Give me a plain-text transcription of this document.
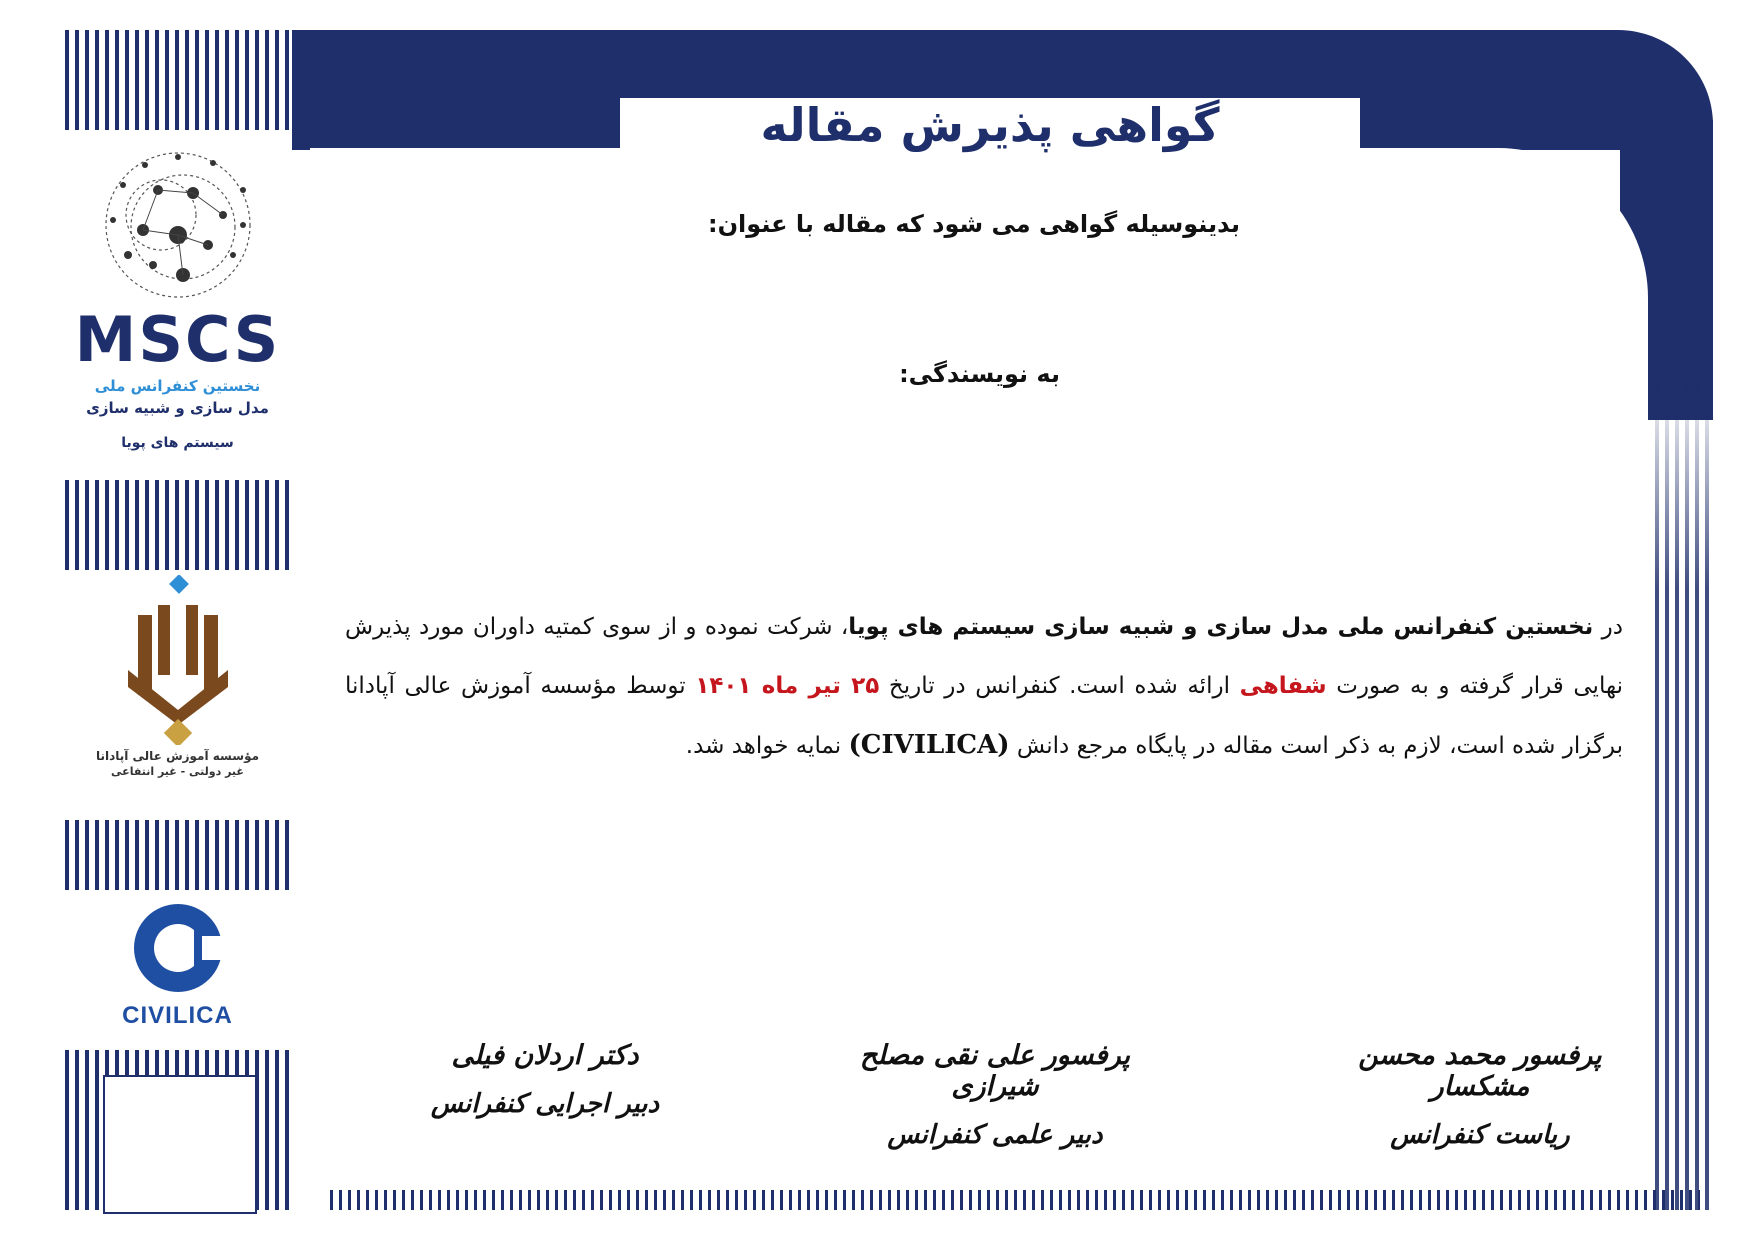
گواهی پذیرش مقاله
MSCS
نخستین کنفرانس ملی
مدل سازی و شبیه سازی
سیستم های پویا
مؤسسه آموزش عالی آپادانا
غیر دولتی - غیر انتفاعی
CIVILICA
بدینوسیله گواهی می شود که مقاله با عنوان:
به نویسندگی:
در نخستین کنفرانس ملی مدل سازی و شبیه سازی سیستم های پویا، شرکت نموده و از سوی کمتیه داوران مورد پذیرش نهایی قرار گرفته و به صورت شفاهی ارائه شده است. کنفرانس در تاریخ ۲۵ تیر ماه ۱۴۰۱ توسط مؤسسه آموزش عالی آپادانا برگزار شده است، لازم به ذکر است مقاله در پایگاه مرجع دانش (CIVILICA) نمایه خواهد شد.
پرفسور محمد محسن مشکسار
ریاست کنفرانس
پرفسور علی نقی مصلح شیرازی
دبیر علمی کنفرانس
دکتر اردلان فیلی
دبیر اجرایی کنفرانس
